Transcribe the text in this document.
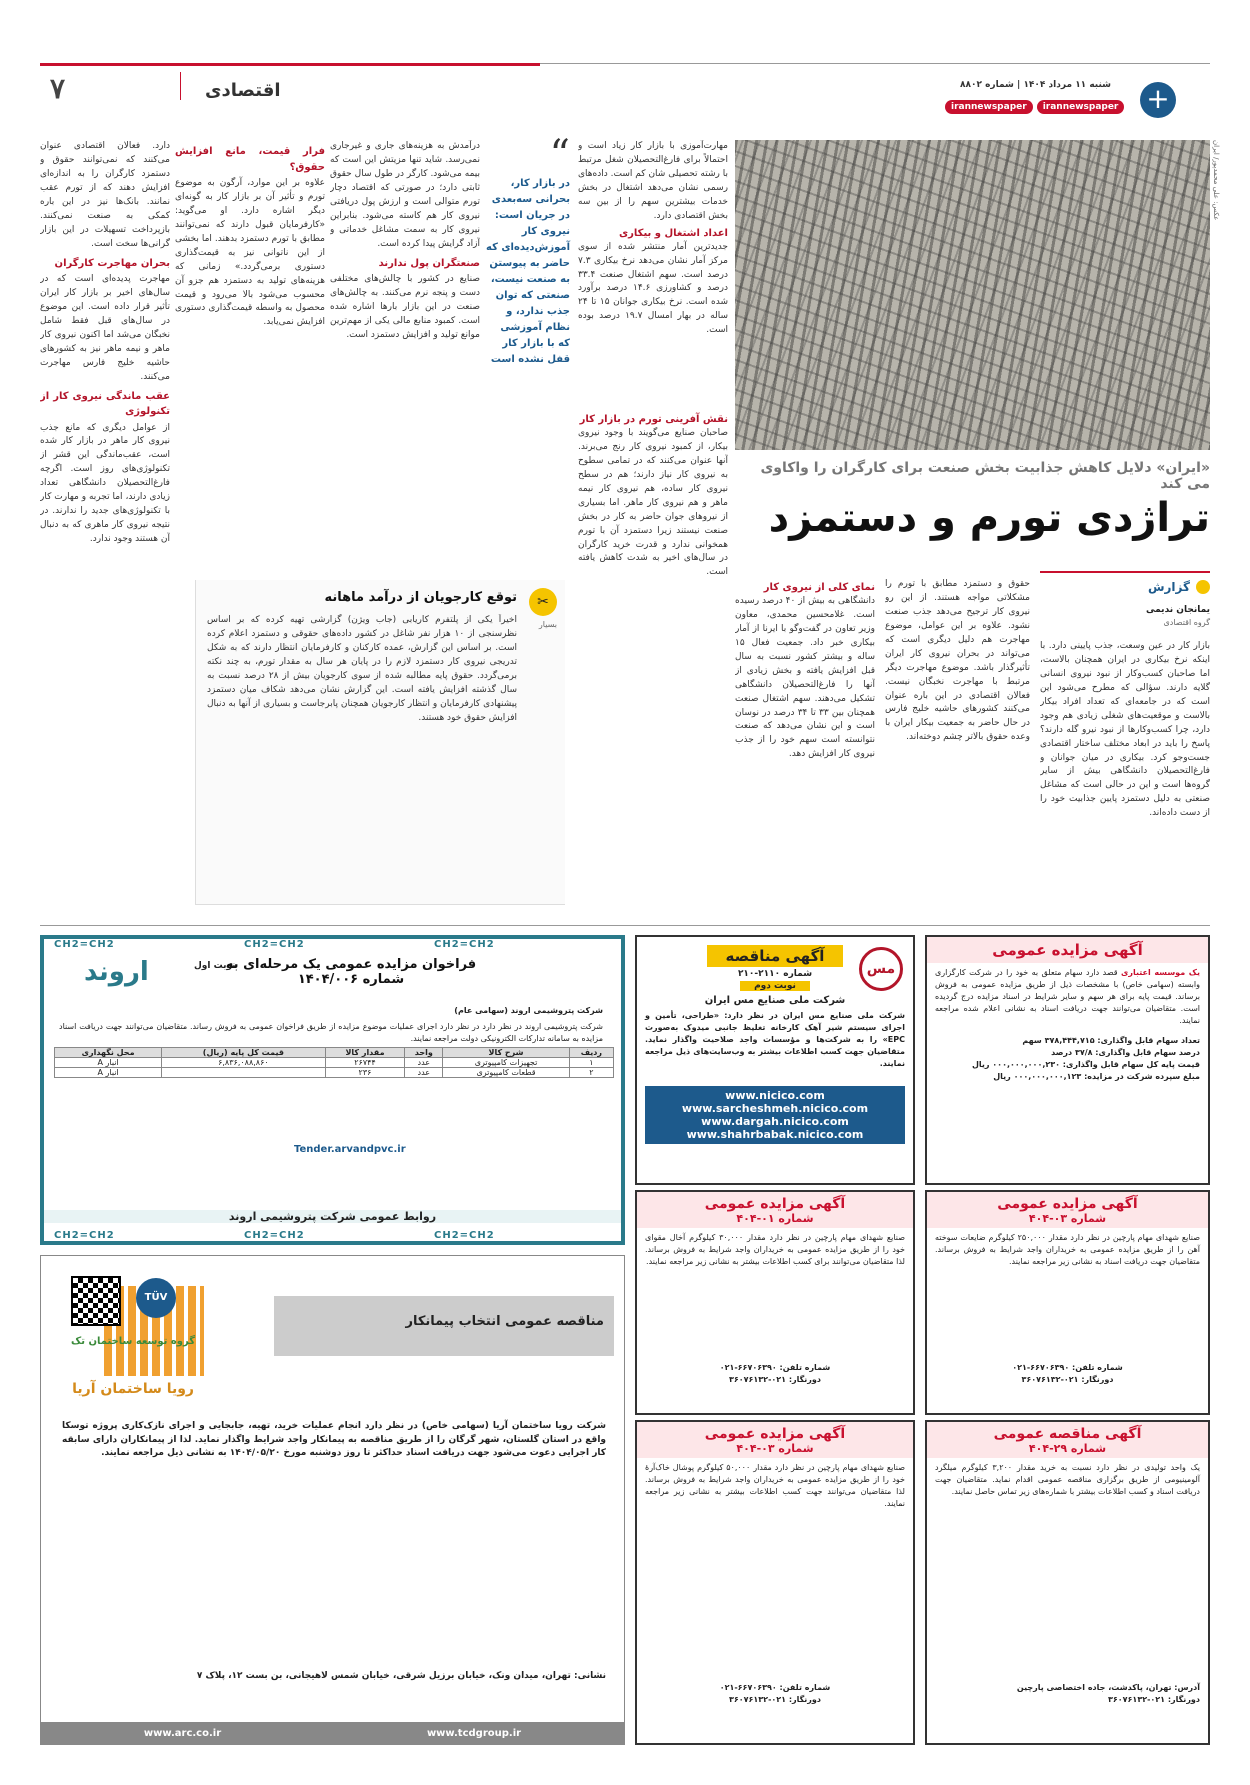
۷	اقتصادی	+
شنبه ۱۱ مرداد ۱۴۰۴ | شماره ۸۸۰۲
irannewspaper	irannewspaper
عکس: علی محمدپور/ ایران
«ایران» دلایل کاهش جذابیت بخش صنعت برای کارگران را واکاوی می کند
تراژدی تورم و دستمزد
گزارش
یمانجان ندیمی
گروه اقتصادی
بازار کار در عین وسعت، جذب پایینی دارد. با اینکه نرخ بیکاری در ایران همچنان بالاست، اما صاحبان کسب‌وکار از نبود نیروی انسانی گلایه دارند. سؤالی که مطرح می‌شود این است که در جامعه‌ای که تعداد افراد بیکار بالاست و موقعیت‌های شغلی زیادی هم وجود دارد، چرا کسب‌وکارها از نبود نیرو گله دارند؟ پاسخ را باید در ابعاد مختلف ساختار اقتصادی جست‌وجو کرد. بیکاری در میان جوانان و فارغ‌التحصیلان دانشگاهی بیش از سایر گروه‌ها است و این در حالی است که مشاغل صنعتی به دلیل دستمزد پایین جذابیت خود را از دست داده‌اند.
حقوق و دستمزد مطابق با تورم را مشکلاتی مواجه هستند. از این رو نیروی کار ترجیح می‌دهد جذب صنعت نشود. علاوه بر این عوامل، موضوع مهاجرت هم دلیل دیگری است که می‌تواند در بحران نیروی کار ایران تأثیرگذار باشد. موضوع مهاجرت دیگر مرتبط با مهاجرت نخبگان نیست. فعالان اقتصادی در این باره عنوان می‌کنند کشورهای حاشیه خلیج فارس در حال حاضر به جمعیت بیکار ایران با وعده حقوق بالاتر چشم دوخته‌اند.
نمای کلی از نیروی کار
دانشگاهی به بیش از ۴۰ درصد رسیده است. غلامحسین محمدی، معاون وزیر تعاون در گفت‌وگو با ایرنا از آمار بیکاری خبر داد. جمعیت فعال ۱۵ ساله و بیشتر کشور نسبت به سال قبل افزایش یافته و بخش زیادی از آنها را فارغ‌التحصیلان دانشگاهی تشکیل می‌دهند. سهم اشتغال صنعت همچنان بین ۳۳ تا ۳۴ درصد در نوسان است و این نشان می‌دهد که صنعت نتوانسته است سهم خود را از جذب نیروی کار افزایش دهد.
مهارت‌آموزی با بازار کار زیاد است و احتمالاً برای فارغ‌التحصیلان شغل مرتبط با رشته تحصیلی شان کم است. داده‌های رسمی نشان می‌دهد اشتغال در بخش خدمات بیشترین سهم را از بین سه بخش اقتصادی دارد.
اعداد اشتغال و بیکاری
جدیدترین آمار منتشر شده از سوی مرکز آمار نشان می‌دهد نرخ بیکاری ۷.۳ درصد است. سهم اشتغال صنعت ۳۳.۴ درصد و کشاورزی ۱۴.۶ درصد برآورد شده است. نرخ بیکاری جوانان ۱۵ تا ۲۴ ساله در بهار امسال ۱۹.۷ درصد بوده است.
نقش آفرینی تورم در بازار کار
صاحبان صنایع می‌گویند با وجود نیروی بیکار، از کمبود نیروی کار رنج می‌برند. آنها عنوان می‌کنند که در تمامی سطوح به نیروی کار نیاز دارند؛ هم در سطح نیروی کار ساده، هم نیروی کار نیمه ماهر و هم نیروی کار ماهر. اما بسیاری از نیروهای جوان حاضر به کار در بخش صنعت نیستند زیرا دستمزد آن با تورم همخوانی ندارد و قدرت خرید کارگران در سال‌های اخیر به شدت کاهش یافته است.
“
در بازار کار، بحرانی سه‌بعدی در جریان است: نیروی کار آموزش‌دیده‌ای که حاضر به پیوستن به صنعت نیست، صنعتی که توان جذب ندارد، و نظام آموزشی که با بازار کار قفل نشده است
درآمدش به هزینه‌های جاری و غیرجاری نمی‌رسد. شاید تنها مزیتش این است که بیمه می‌شود. کارگر در طول سال حقوق ثابتی دارد؛ در صورتی که اقتصاد دچار تورم متوالی است و ارزش پول دریافتی نیروی کار هم کاسته می‌شود. بنابراین نیروی کار به سمت مشاغل خدماتی و آزاد گرایش پیدا کرده است.
صنعتگران پول ندارند
صنایع در کشور با چالش‌های مختلفی دست و پنجه نرم می‌کنند. به چالش‌های صنعت در این بازار بارها اشاره شده است. کمبود منابع مالی یکی از مهم‌ترین موانع تولید و افزایش دستمزد است.
فرار قیمت، مانع افزایش حقوق؟
علاوه بر این موارد، آرگون به موضوع تورم و تأثیر آن بر بازار کار به گونه‌ای دیگر اشاره دارد. او می‌گوید: «کارفرمایان قبول دارند که نمی‌توانند مطابق با تورم دستمزد بدهند. اما بخشی از این ناتوانی نیز به قیمت‌گذاری دستوری برمی‌گردد.» زمانی که هزینه‌های تولید به دستمزد هم جزو آن محسوب می‌شود بالا می‌رود و قیمت محصول به واسطه قیمت‌گذاری دستوری افزایش نمی‌یابد.
دارد. فعالان اقتصادی عنوان می‌کنند که نمی‌توانند حقوق و دستمزد کارگران را به اندازه‌ای افزایش دهند که از تورم عقب نمانند. بانک‌ها نیز در این باره کمکی به صنعت نمی‌کنند. بازپرداخت تسهیلات در این بازار گرانی‌ها سخت است.
بحران مهاجرت کارگران
مهاجرت پدیده‌ای است که در سال‌های اخیر بر بازار کار ایران تأثیر قرار داده است. این موضوع در سال‌های قبل فقط شامل نخبگان می‌شد اما اکنون نیروی کار ماهر و نیمه ماهر نیز به کشورهای حاشیه خلیج فارس مهاجرت می‌کنند.
عقب ماندگی نیروی کار از تکنولوژی
از عوامل دیگری که مانع جذب نیروی کار ماهر در بازار کار شده است، عقب‌ماندگی این قشر از تکنولوژی‌های روز است. اگرچه فارغ‌التحصیلان دانشگاهی تعداد زیادی دارند، اما تجربه و مهارت کار با تکنولوژی‌های جدید را ندارند. در نتیجه نیروی کار ماهری که به دنبال آن هستند وجود ندارد.
✂
بسیار
توقع کارجویان از درآمد ماهانه
اخیراً یکی از پلتفرم کاریابی (جاب ویژن) گزارشی تهیه کرده که بر اساس نظرسنجی از ۱۰ هزار نفر شاغل در کشور داده‌های حقوقی و دستمزد اعلام کرده است. بر اساس این گزارش، عمده کارکنان و کارفرمایان انتظار دارند که به شکل تدریجی نیروی کار دستمزد لازم را در پایان هر سال به مقدار تورم، به چند نکته برمی‌گردد. حقوق پایه مطالبه شده از سوی کارجویان بیش از ۲۸ درصد نسبت به سال گذشته افزایش یافته است. این گزارش نشان می‌دهد شکاف میان دستمزد پیشنهادی کارفرمایان و انتظار کارجویان همچنان پابرجاست و بسیاری از آنها به دنبال افزایش حقوق خود هستند.
آگهی مزایده عمومی
یک موسسه اعتباری قصد دارد سهام متعلق به خود را در شرکت کارگزاری وابسته (سهامی خاص) با مشخصات ذیل از طریق مزایده عمومی به فروش برساند. قیمت پایه برای هر سهم و سایر شرایط در اسناد مزایده درج گردیده است. متقاضیان می‌توانند جهت دریافت اسناد به نشانی اعلام شده مراجعه نمایند.
تعداد سهام قابل واگذاری: ۳۷۸,۴۴۴,۷۱۵ سهم
درصد سهام قابل واگذاری: ۳۷/۸ درصد
قیمت پایه کل سهام قابل واگذاری: ۰۰۰,۰۰۰,۰۰۰,۲۳۰ ریال
مبلغ سپرده شرکت در مزایده: ۰۰۰,۰۰۰,۰۰۰,۱۲۳ ریال
مس
آگهی مناقصه
شماره ۲۱۱۰-۲۱۰
نوبت دوم
شرکت ملی صنایع مس ایران
شرکت ملی صنایع مس ایران در نظر دارد: «طراحی، تأمین و اجرای سیستم شیر آهک کارخانه تغلیظ جانبی میدوک به‌صورت EPC» را به شرکت‌ها و مؤسسات واجد صلاحیت واگذار نماید. متقاضیان جهت کسب اطلاعات بیشتر به وب‌سایت‌های ذیل مراجعه نمایند.
www.nicico.com
www.sarcheshmeh.nicico.com
www.dargah.nicico.com
www.shahrbabak.nicico.com
CH2=CH2	CH2=CH2	CH2=CH2
اروند	نوبت اول
فراخوان مزایده عمومی یک مرحله‌ای به شماره ۱۴۰۴/۰۰۶
شرکت پتروشیمی اروند (سهامی عام)
شرکت پتروشیمی اروند در نظر دارد در نظر دارد اجرای عملیات موضوع مزایده از طریق فراخوان عمومی به فروش رساند. متقاضیان می‌توانند جهت دریافت اسناد مزایده به سامانه تدارکات الکترونیکی دولت مراجعه نمایند.
ردیف	شرح کالا	واحد	مقدار کالا	قیمت کل پایه (ریال)	محل نگهداری
۱	تجهیزات کامپیوتری	عدد	۲۶۷۴۴	۶,۸۳۶,۰۸۸,۸۶۰	انبار A
۲	قطعات کامپیوتری	عدد	۲۳۶		انبار A
Tender.arvandpvc.ir
روابط عمومی شرکت پتروشیمی اروند
CH2=CH2	CH2=CH2	CH2=CH2
آگهی مزایده عمومی
شماره ۰۳-۴۰۴
صنایع شهدای مهام پارچین در نظر دارد مقدار ۲۵۰,۰۰۰ کیلوگرم ضایعات سوخته آهن را از طریق مزایده عمومی به خریداران واجد شرایط به فروش برساند. متقاضیان جهت دریافت اسناد به نشانی زیر مراجعه نمایند.
شماره تلفن: ۶۶۷۰۶۳۹۰-۰۲۱
دورنگار: ۰۲۱-۳۶۰۷۶۱۳۲
آگهی مزایده عمومی
شماره ۰۱-۴۰۴
صنایع شهدای مهام پارچین در نظر دارد مقدار ۳۰,۰۰۰ کیلوگرم آخال مقوای خود را از طریق مزایده عمومی به خریداران واجد شرایط به فروش برساند. لذا متقاضیان می‌توانند برای کسب اطلاعات بیشتر به نشانی زیر مراجعه نمایند.
شماره تلفن: ۶۶۷۰۶۳۹۰-۰۲۱
دورنگار: ۰۲۱-۳۶۰۷۶۱۳۲
آگهی مناقصه عمومی
شماره ۲۹-۴۰۴
یک واحد تولیدی در نظر دارد نسبت به خرید مقدار ۳,۲۰۰ کیلوگرم میلگرد آلومینیومی از طریق برگزاری مناقصه عمومی اقدام نماید. متقاضیان جهت دریافت اسناد و کسب اطلاعات بیشتر با شماره‌های زیر تماس حاصل نمایند.
آدرس: تهران، پاکدشت، جاده اختصاصی پارچین
دورنگار: ۰۲۱-۳۶۰۷۶۱۳۲
آگهی مزایده عمومی
شماره ۰۳-۴۰۴
صنایع شهدای مهام پارچین در نظر دارد مقدار ۵۰,۰۰۰ کیلوگرم پوشال خاک‌آرهٔ خود را از طریق مزایده عمومی به خریداران واجد شرایط به فروش برساند. لذا متقاضیان می‌توانند جهت کسب اطلاعات بیشتر به نشانی زیر مراجعه نمایند.
شماره تلفن: ۶۶۷۰۶۳۹۰-۰۲۱
دورنگار: ۰۲۱-۳۶۰۷۶۱۳۲
مناقصه عمومی انتخاب پیمانکار
رویا ساختمان آریا
TÜV
گروه توسعه ساختمان تک
شرکت رویا ساختمان آریا (سهامی خاص) در نظر دارد انجام عملیات خرید، تهیه، جابجایی و اجرای نازک‌کاری پروژه توسکا واقع در استان گلستان، شهر گرگان را از طریق مناقصه به پیمانکار واجد شرایط واگذار نماید. لذا از پیمانکاران دارای سابقه کار اجرایی دعوت می‌شود جهت دریافت اسناد حداکثر تا روز دوشنبه مورخ ۱۴۰۴/۰۵/۲۰ به نشانی ذیل مراجعه نمایند.
نشانی: تهران، میدان ونک، خیابان برزیل شرقی، خیابان شمس لاهیجانی، بن بست ۱۲، پلاک ۷
www.arc.co.ir	www.tcdgroup.ir
